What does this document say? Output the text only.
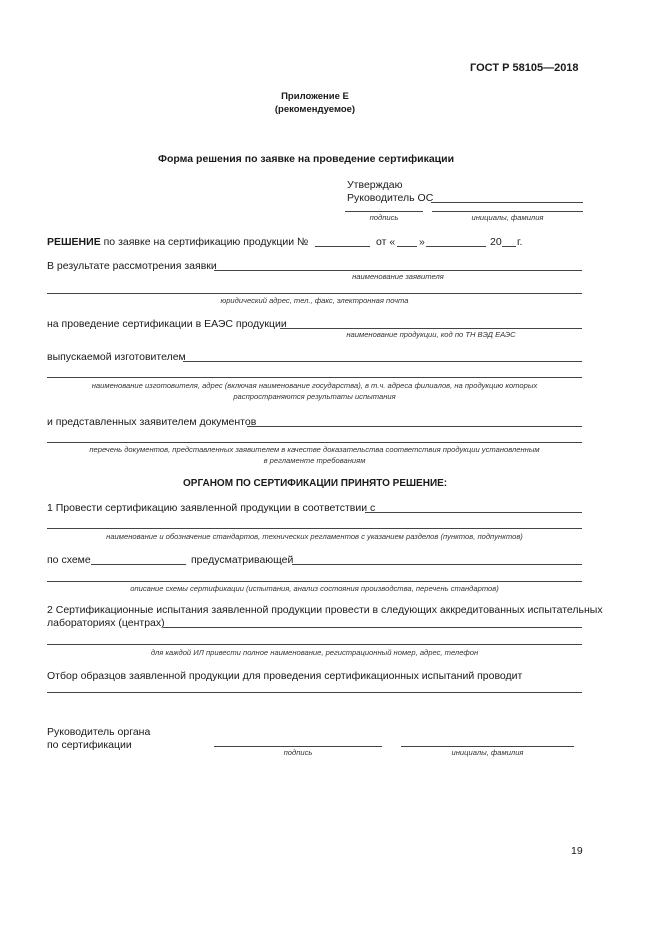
ГОСТ Р 58105—2018
Приложение Е
(рекомендуемое)
Форма решения по заявке на проведение сертификации
Утверждаю
Руководитель ОС
подпись	инициалы, фамилия
РЕШЕНИЕ по заявке на сертификацию продукции №	от « »	20 г.
В результате рассмотрения заявки
наименование заявителя
юридический адрес, тел., факс, электронная почта
на проведение сертификации в ЕАЭС продукции
наименование продукции, код по ТН ВЭД ЕАЭС
выпускаемой изготовителем
наименование изготовителя, адрес (включая наименование государства), в т.ч. адреса филиалов, на продукцию которых
распространяются результаты испытания
и представленных заявителем документов
перечень документов, представленных заявителем в качестве доказательства соответствия продукции установленным
в регламенте требованиям
ОРГАНОМ ПО СЕРТИФИКАЦИИ ПРИНЯТО РЕШЕНИЕ:
1 Провести сертификацию заявленной продукции в соответствии с
наименование и обозначение стандартов, технических регламентов с указанием разделов (пунктов, подпунктов)
по схеме	предусматривающей
описание схемы сертификации (испытания, анализ состояния производства, перечень стандартов)
2 Сертификационные испытания заявленной продукции провести в следующих аккредитованных испытательных
лабораториях (центрах)
для каждой ИЛ привести полное наименование, регистрационный номер, адрес, телефон
Отбор образцов заявленной продукции для проведения сертификационных испытаний проводит
Руководитель органа
по сертификации
подпись	инициалы, фамилия
19
